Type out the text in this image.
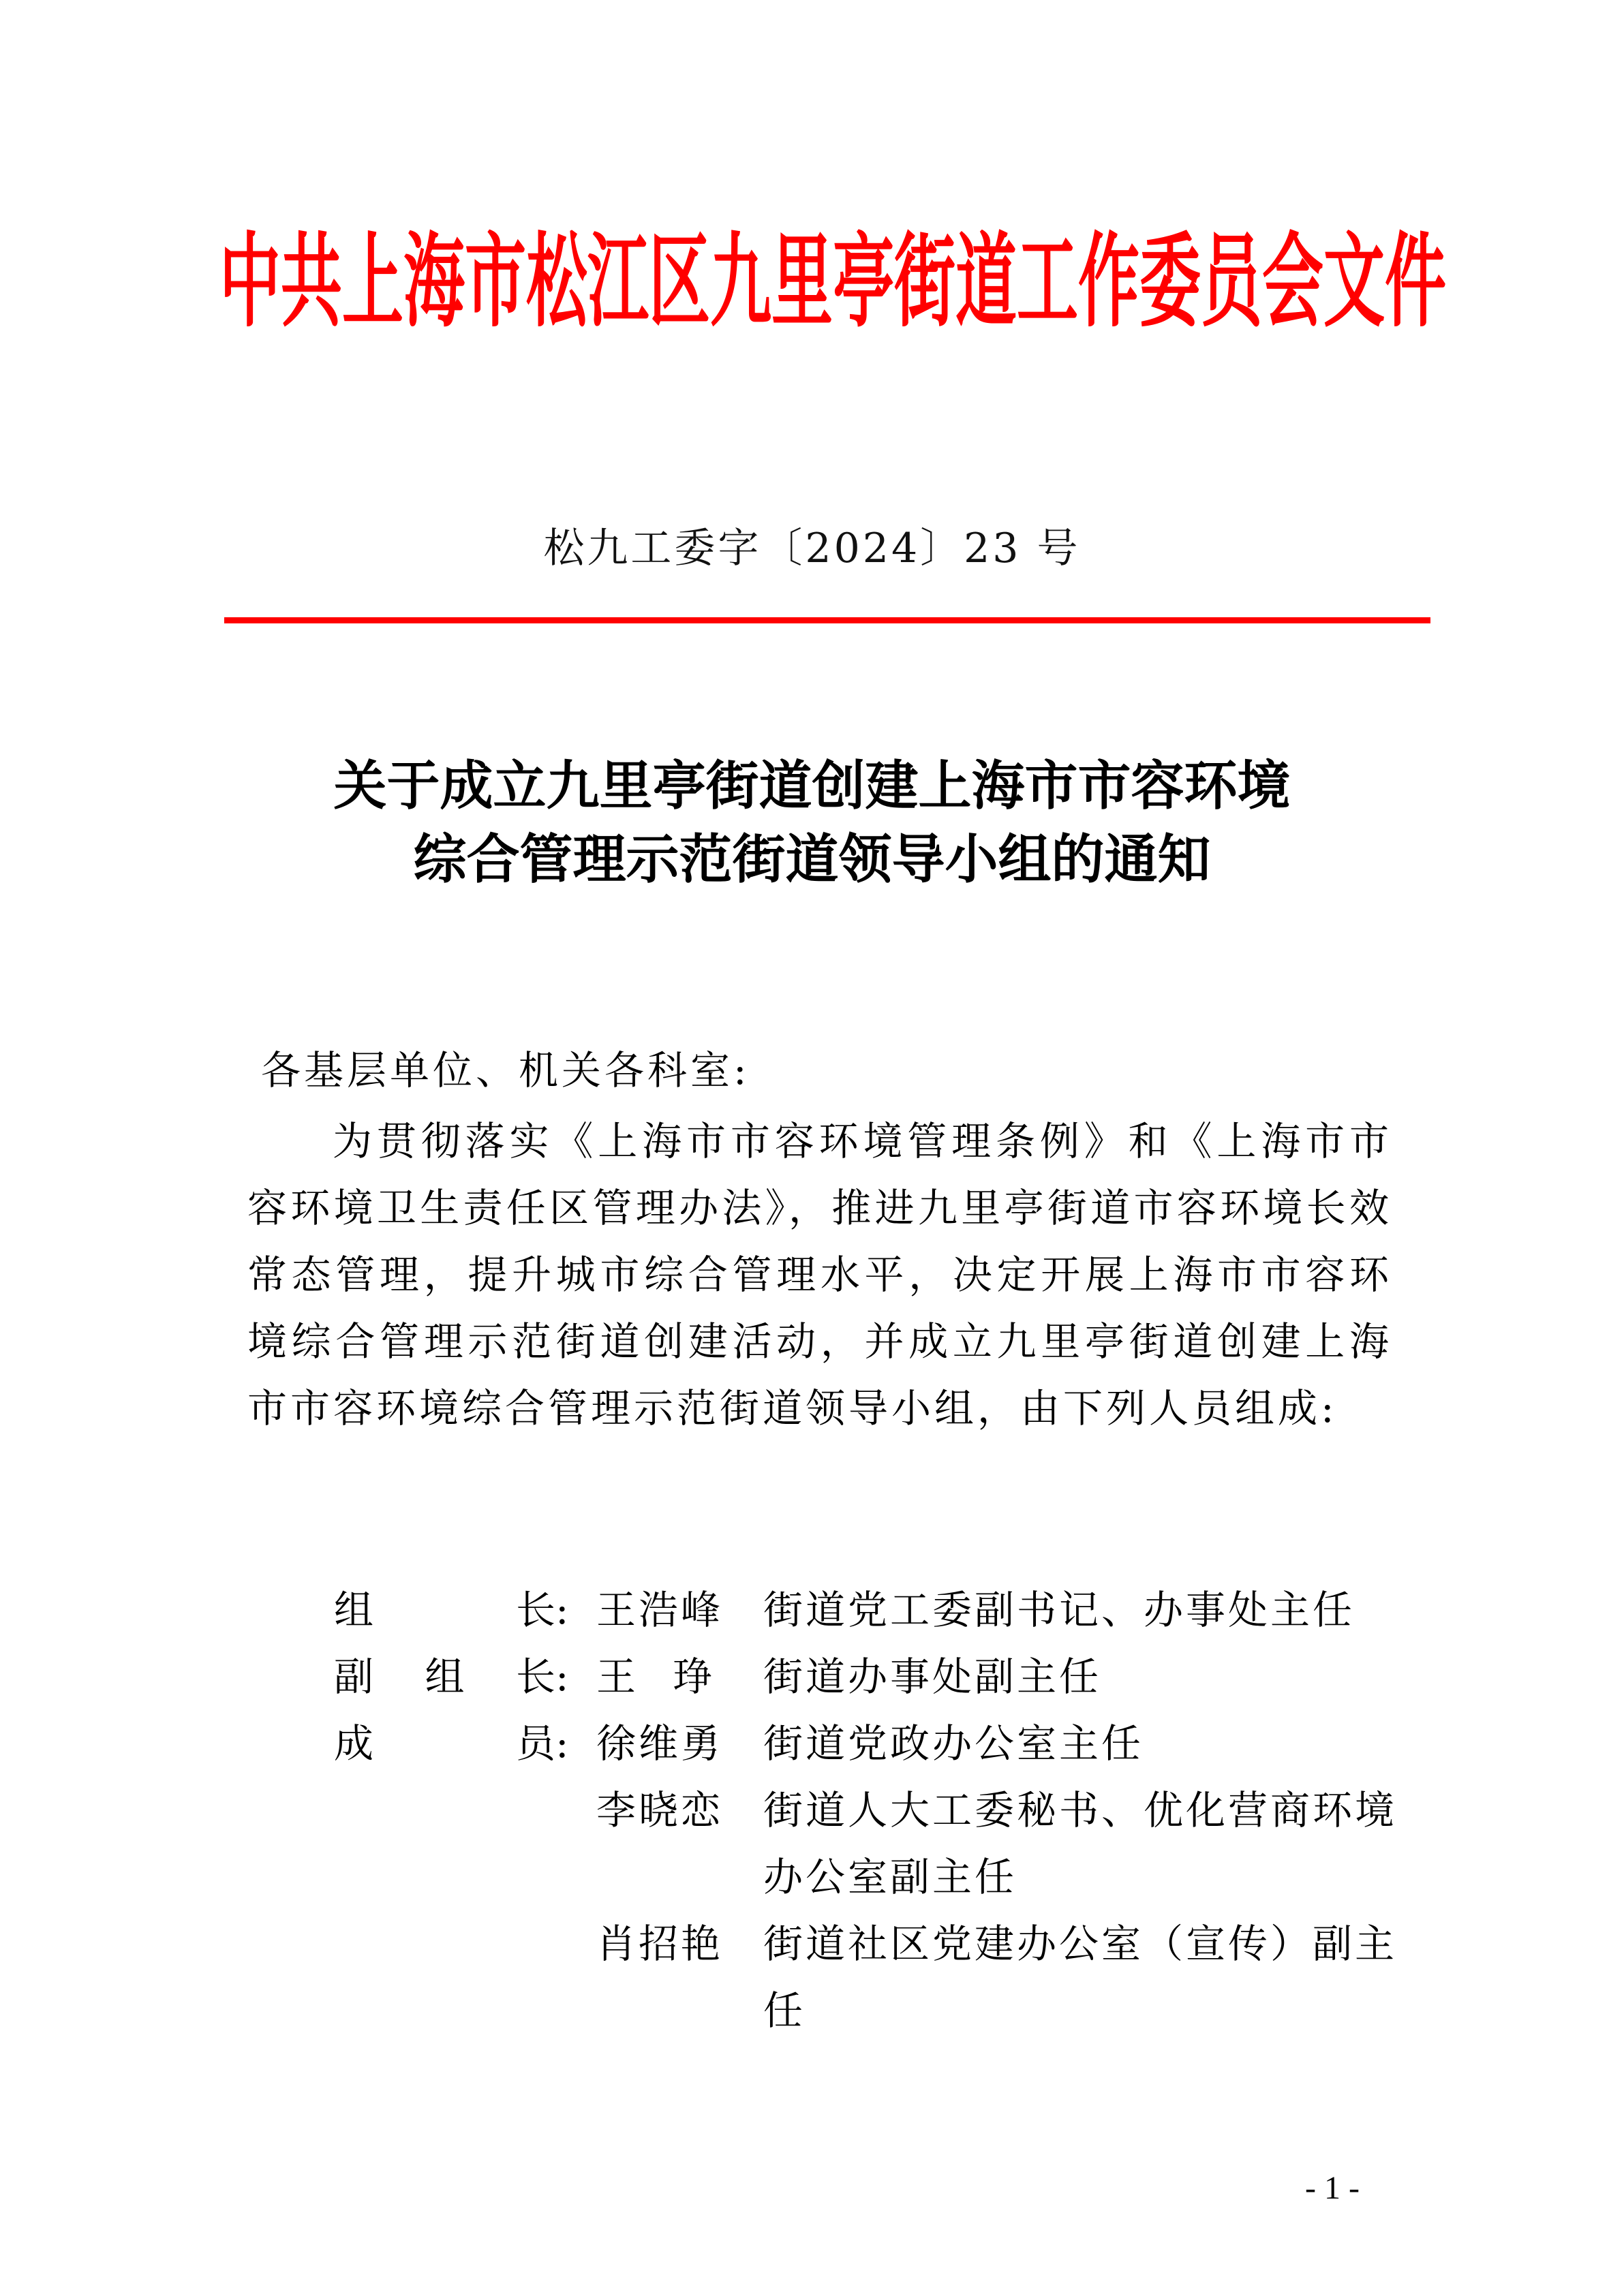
中共上海市松江区九里亭街道工作委员会文件
松九工委字〔2024〕23 号
关于成立九里亭街道创建上海市市容环境
综合管理示范街道领导小组的通知
各基层单位、机关各科室:
为贯彻落实《上海市市容环境管理条例》和《上海市市容环境卫生责任区管理办法》，推进九里亭街道市容环境长效常态管理，提升城市综合管理水平，决定开展上海市市容环境综合管理示范街道创建活动，并成立九里亭街道创建上海市市容环境综合管理示范街道领导小组，由下列人员组成:
组	长 : 王浩峰	街道党工委副书记、办事处主任
副 组 长 : 王 琤 街道办事处副主任
成	员 : 徐维勇	街道党政办公室主任
李晓恋	街道人大工委秘书、优化营商环境办公室副主任
肖招艳	街道社区党建办公室（宣传）副主任
- 1 -
